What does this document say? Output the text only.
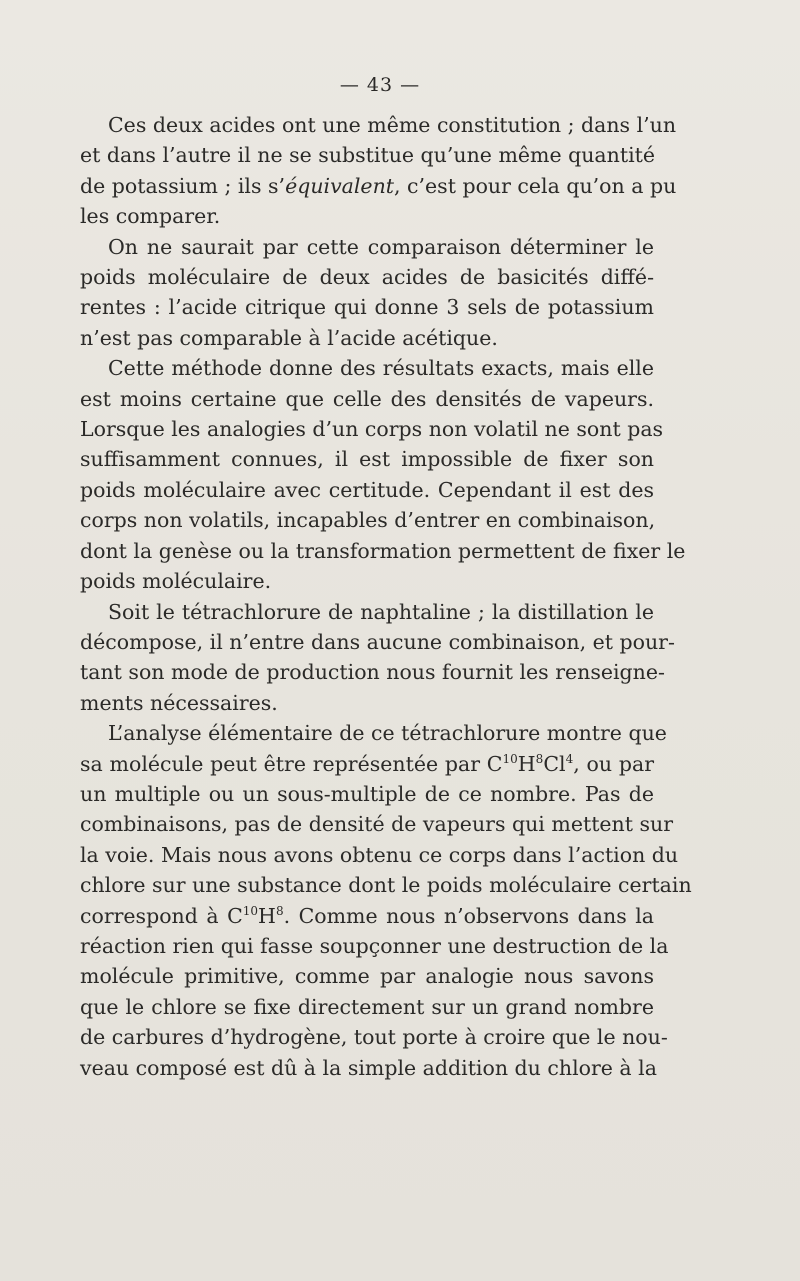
— 43 —
Ces deux acides ont une même constitution ; dans l’un
et dans l’autre il ne se substitue qu’une même quantité
de potassium ; ils s’équivalent, c’est pour cela qu’on a pu
les comparer.
On ne saurait par cette comparaison déterminer le
poids moléculaire de deux acides de basicités diffé-
rentes : l’acide citrique qui donne 3 sels de potassium
n’est pas comparable à l’acide acétique.
Cette méthode donne des résultats exacts, mais elle
est moins certaine que celle des densités de vapeurs.
Lorsque les analogies d’un corps non volatil ne sont pas
suffisamment connues, il est impossible de fixer son
poids moléculaire avec certitude. Cependant il est des
corps non volatils, incapables d’entrer en combinaison,
dont la genèse ou la transformation permettent de fixer le
poids moléculaire.
Soit le tétrachlorure de naphtaline ; la distillation le
décompose, il n’entre dans aucune combinaison, et pour-
tant son mode de production nous fournit les renseigne-
ments nécessaires.
L’analyse élémentaire de ce tétrachlorure montre que
sa molécule peut être représentée par $C^{10}H^8Cl^4$, ou par
un multiple ou un sous-multiple de ce nombre. Pas de
combinaisons, pas de densité de vapeurs qui mettent sur
la voie. Mais nous avons obtenu ce corps dans l’action du
chlore sur une substance dont le poids moléculaire certain
correspond à $C^{10}H^8$. Comme nous n’observons dans la
réaction rien qui fasse soupçonner une destruction de la
molécule primitive, comme par analogie nous savons
que le chlore se fixe directement sur un grand nombre
de carbures d’hydrogène, tout porte à croire que le nou-
veau composé est dû à la simple addition du chlore à la
